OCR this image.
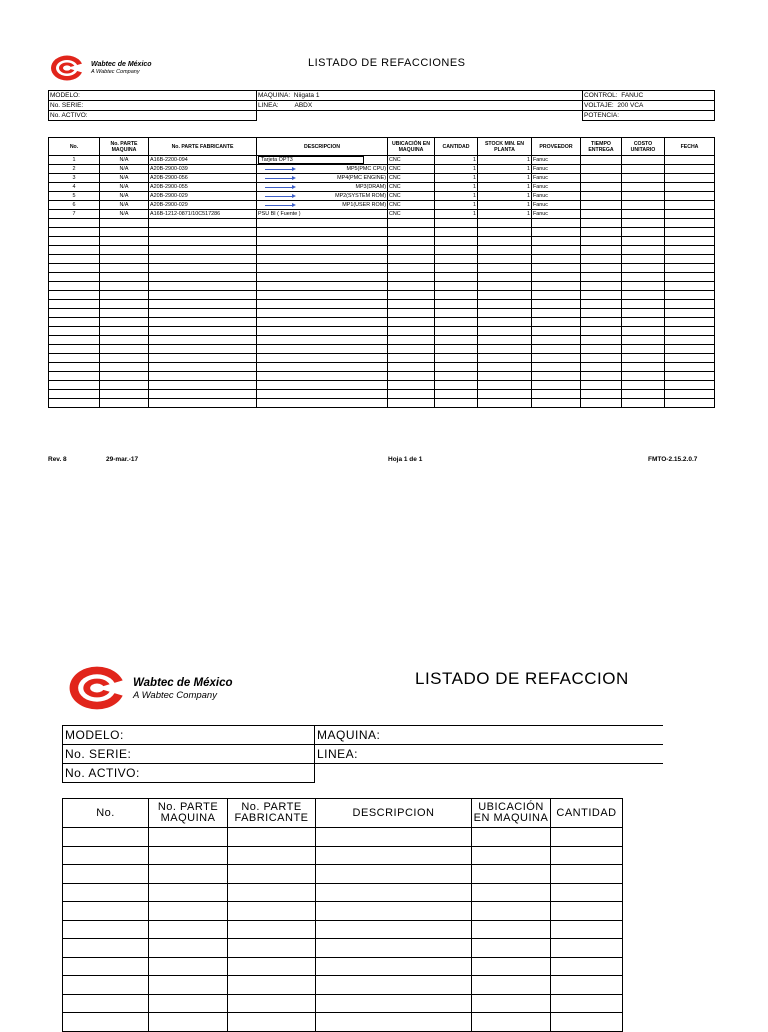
Wabtec de México
A Wabtec Company
LISTADO DE REFACCIONES
MODELO:	MAQUINA: Niigata 1	CONTROL: FANUC
No. SERIE:	LINEA: ABDX	VOLTAJE: 200 VCA
No. ACTIVO:		POTENCIA:
No.	No. PARTE MAQUINA	No. PARTE FABRICANTE	DESCRIPCION	UBICACIÓN EN MAQUINA	CANTIDAD	STOCK MIN. EN PLANTA	PROVEEDOR	TIEMPO ENTREGA	COSTO UNITARIO	FECHA
1	N/A	A16B-2200-094	Tarjeta OPT3	CNC	1	1	Fanuc			
2	N/A	A20B-2900-039	MP5(PMC CPU)	CNC	1	1	Fanuc			
3	N/A	A20B-2900-056	MP4(PMC ENGINE)	CNC	1	1	Fanuc			
4	N/A	A20B-2900-055	MP3(DRAM)	CNC	1	1	Fanuc			
5	N/A	A20B-2900-029	MP2(SYSTEM ROM)	CNC	1	1	Fanuc			
6	N/A	A20B-2900-029	MP1(USER ROM)	CNC	1	1	Fanuc			
7	N/A	A16B-1212-0871/10C517286	PSU BI ( Fuente )	CNC	1	1	Fanuc			

Rev. 8	29-mar.-17	Hoja 1 de 1	FMTO-2.15.2.0.7
Wabtec de México
A Wabtec Company
LISTADO DE REFACCION
MODELO:	MAQUINA:
No. SERIE:	LINEA:
No. ACTIVO:	
No.	No. PARTE MAQUINA	No. PARTE FABRICANTE	DESCRIPCION	UBICACIÓN EN MAQUINA	CANTIDAD
